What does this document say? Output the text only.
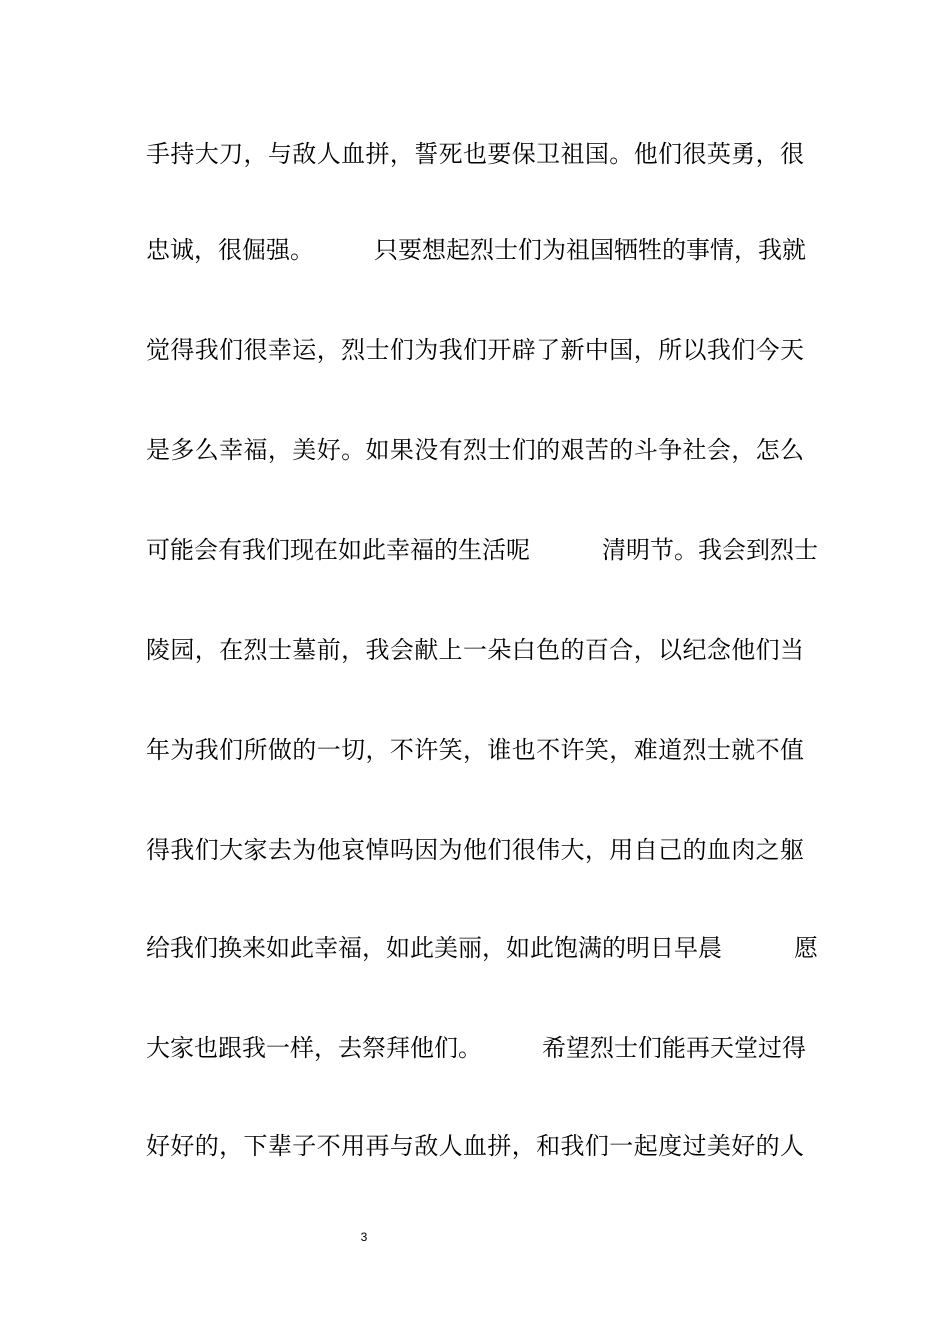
手持大刀，与敌人血拼，誓死也要保卫祖国。他们很英勇，很
忠诚，很倔强。　　　只要想起烈士们为祖国牺牲的事情，我就
觉得我们很幸运，烈士们为我们开辟了新中国，所以我们今天
是多么幸福，美好。如果没有烈士们的艰苦的斗争社会，怎么
可能会有我们现在如此幸福的生活呢　　　清明节。我会到烈士
陵园，在烈士墓前，我会献上一朵白色的百合，以纪念他们当
年为我们所做的一切，不许笑，谁也不许笑，难道烈士就不值
得我们大家去为他哀悼吗因为他们很伟大，用自己的血肉之躯
给我们换来如此幸福，如此美丽，如此饱满的明日早晨　　　愿
大家也跟我一样，去祭拜他们。　　　希望烈士们能再天堂过得
好好的，下辈子不用再与敌人血拼，和我们一起度过美好的人
3
